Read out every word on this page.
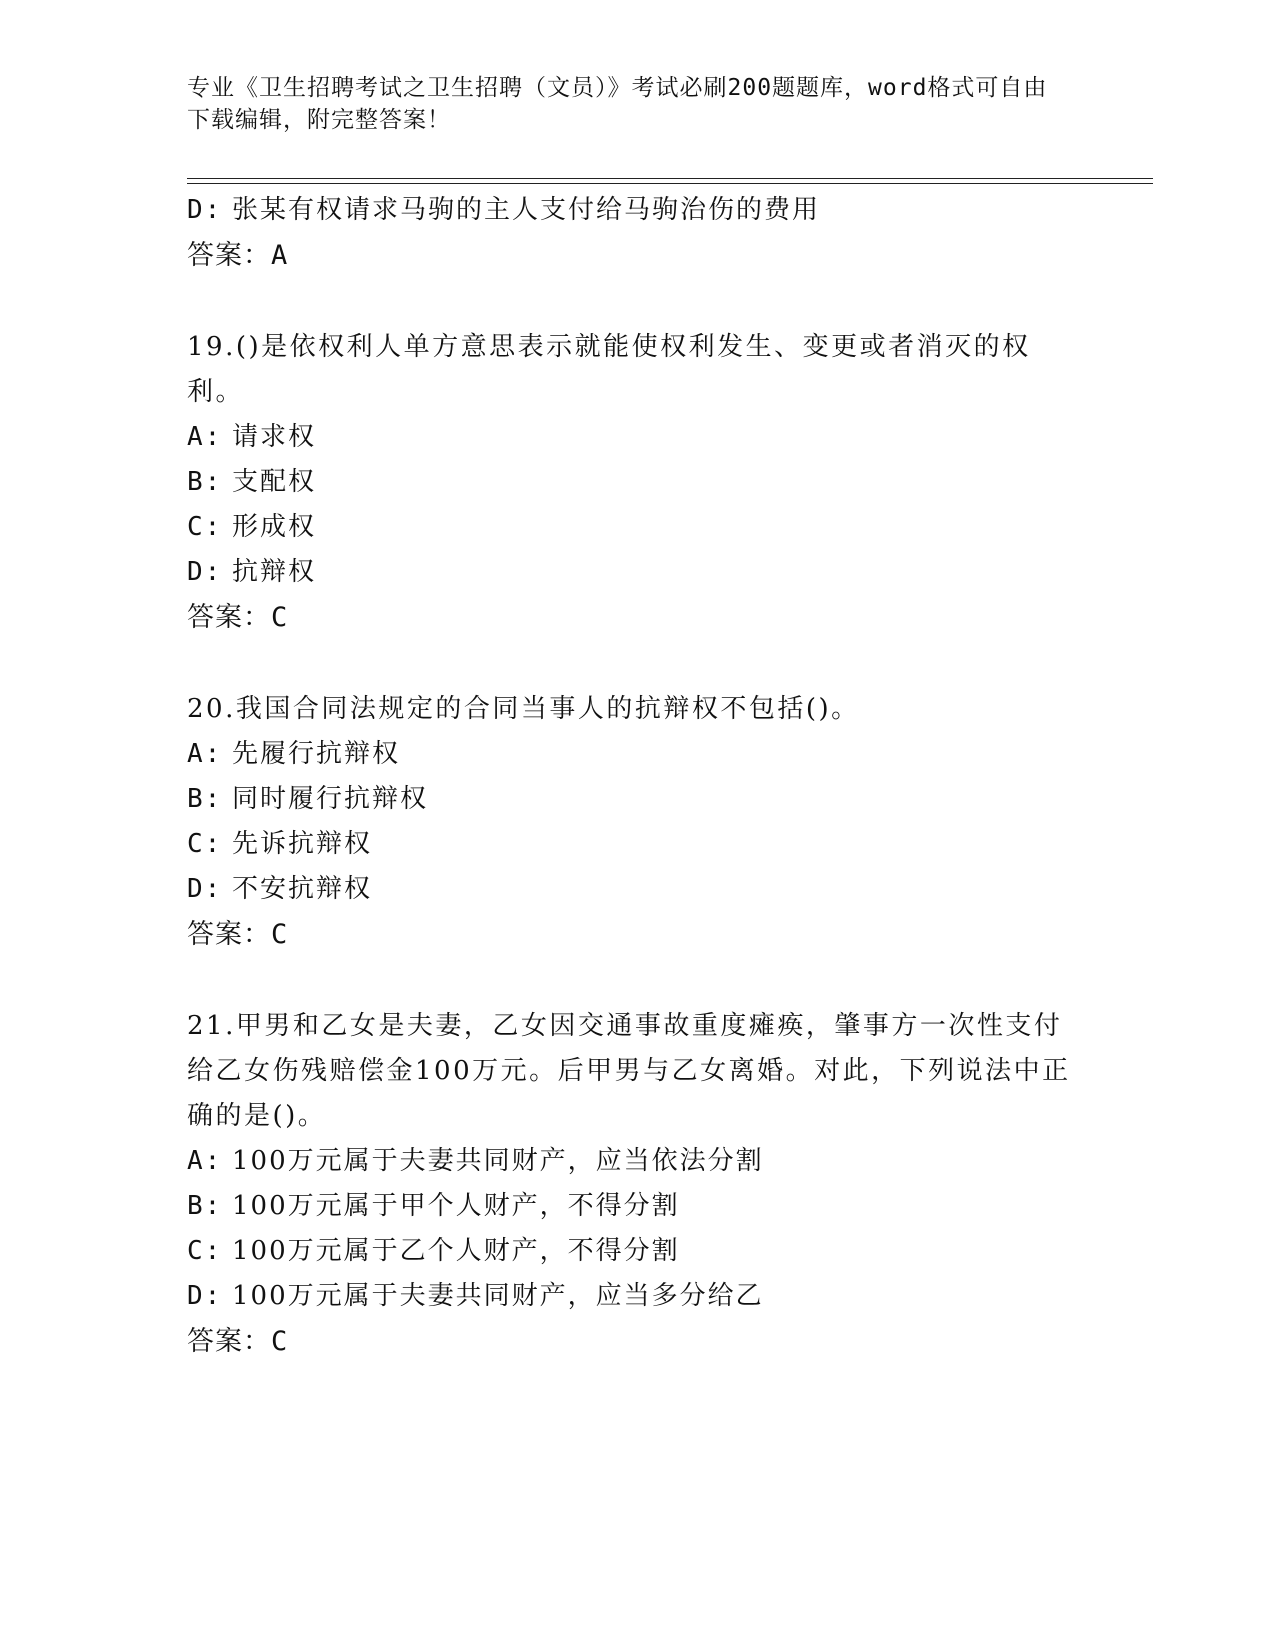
专业《卫生招聘考试之卫生招聘（文员）》考试必刷200题题库，word格式可自由下载编辑，附完整答案！
D: 张某有权请求马驹的主人支付给马驹治伤的费用
答案：A
19.()是依权利人单方意思表示就能使权利发生、变更或者消灭的权利。
A: 请求权
B: 支配权
C: 形成权
D: 抗辩权
答案：C
20.我国合同法规定的合同当事人的抗辩权不包括()。
A: 先履行抗辩权
B: 同时履行抗辩权
C: 先诉抗辩权
D: 不安抗辩权
答案：C
21.甲男和乙女是夫妻，乙女因交通事故重度瘫痪，肇事方一次性支付给乙女伤残赔偿金100万元。后甲男与乙女离婚。对此，下列说法中正确的是()。
A: 100万元属于夫妻共同财产，应当依法分割
B: 100万元属于甲个人财产，不得分割
C: 100万元属于乙个人财产，不得分割
D: 100万元属于夫妻共同财产，应当多分给乙
答案：C
